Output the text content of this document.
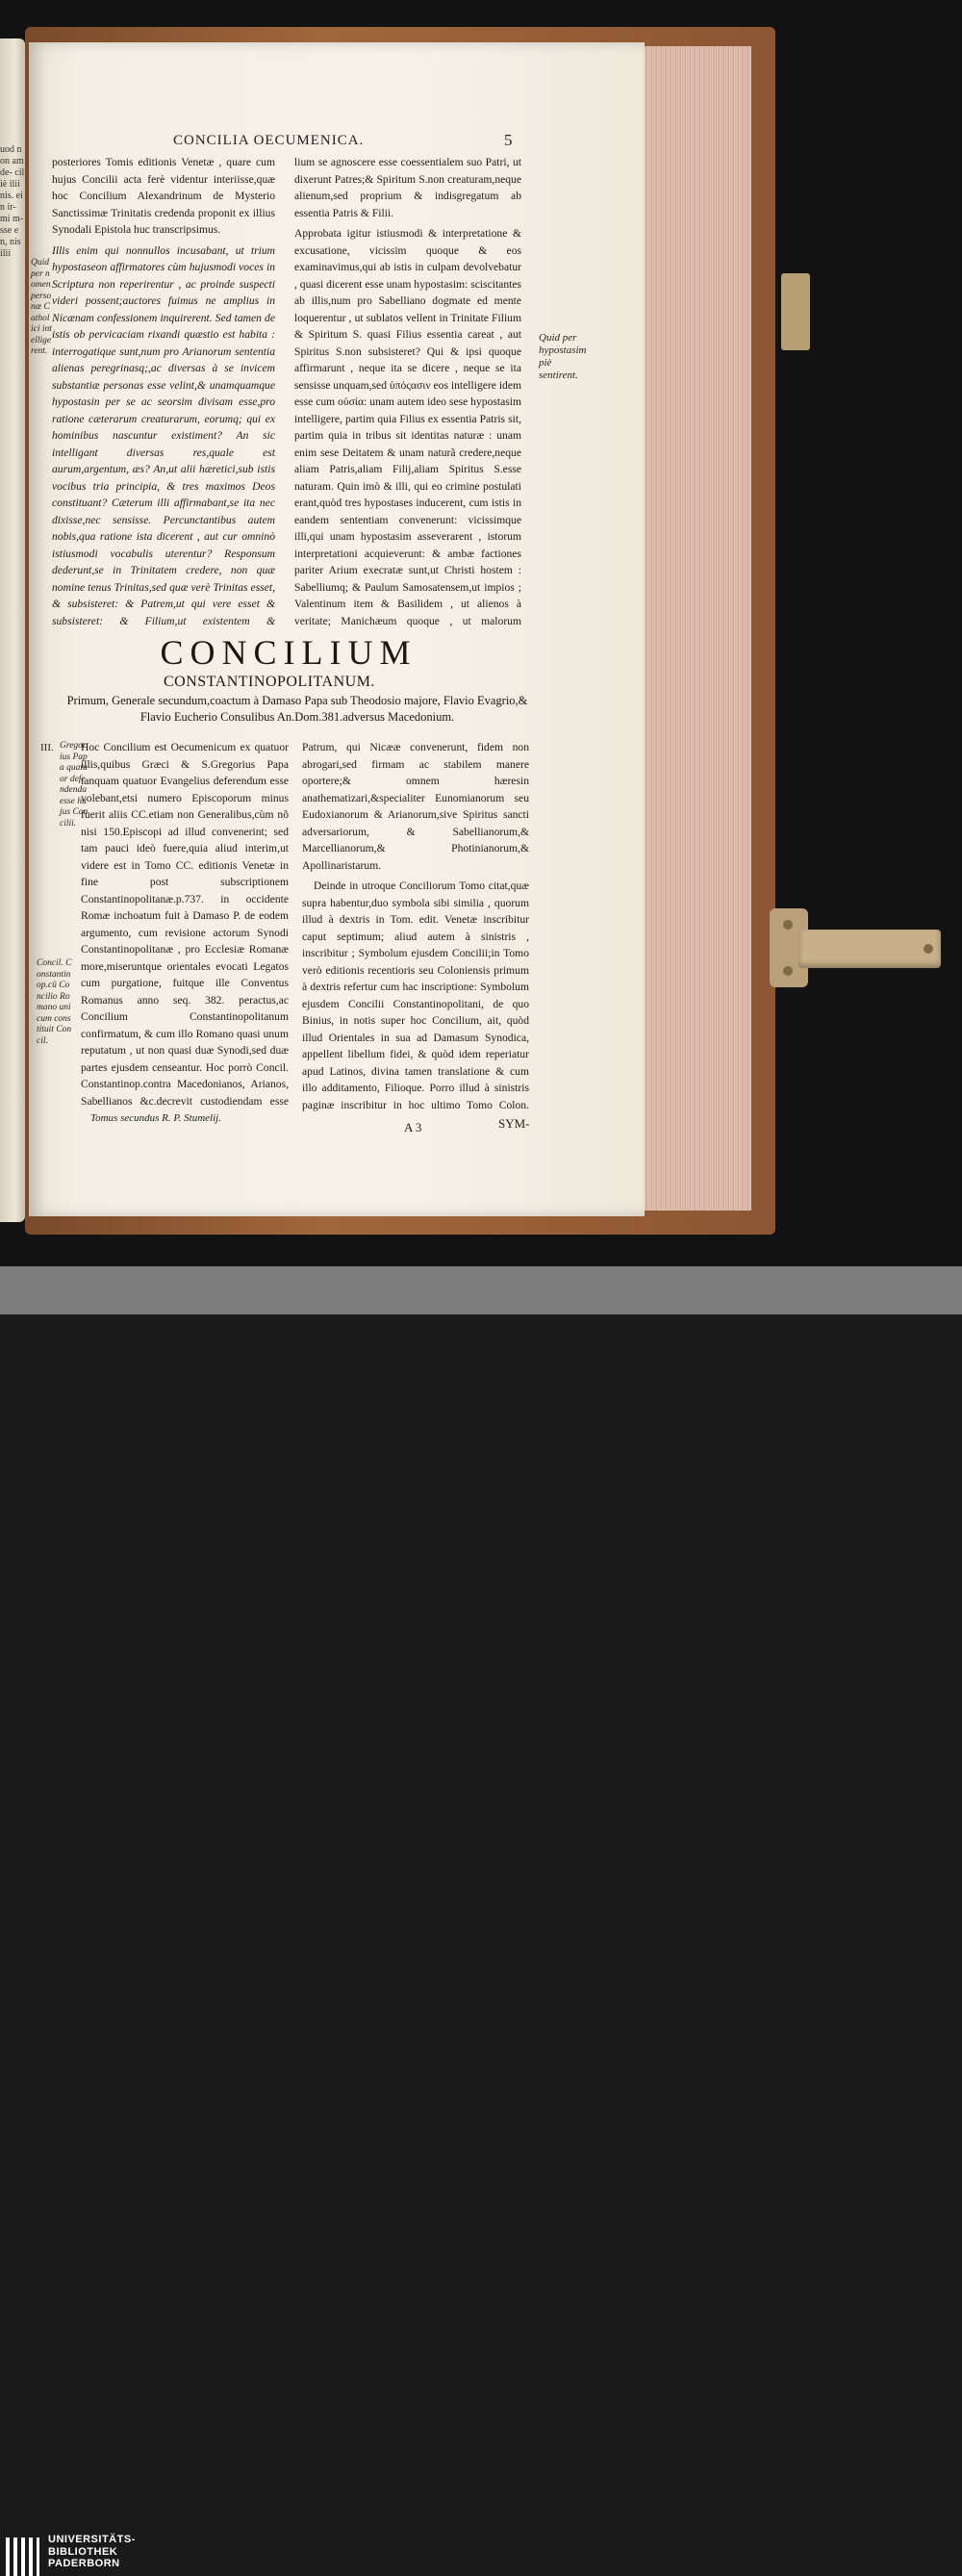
uod non am de- ciliè ilii nis. ein ir- mi m- sse en, nis ilii
CONCILIA OECUMENICA.	5

posteriores Tomis editionis Venetæ , quare cum hujus Concilii acta ferè videntur interiisse,quæ hoc Concilium Alexandrinum de Mysterio Sanctissimæ Trinitatis credenda proponit ex illius Synodali Epistola huc transcripsimus.

Illis enim qui nonnullos incusabant, ut trium hypostaseon affirmatores cùm hujusmodi voces in Scriptura non reperirentur , ac proinde suspecti videri possent;auctores fuimus ne amplius in Nicænam confessionem inquirerent. Sed tamen de istis ob pervicaciam rixandi quæstio est habita : interrogatique sunt,num pro Arianorum sententia alienas peregrinasq;,ac diversas à se invicem substantiæ personas esse velint,& unamquamque hypostasin per se ac seorsim divisam esse,pro ratione cæterarum creaturarum, eorumq; qui ex hominibus nascuntur existiment? An sic intelligant diversas res,quale est aurum,argentum, æs? An,ut alii hæretici,sub istis vocibus tria principia, & tres maximos Deos constituant? Cæterum illi affirmabant,se ita nec dixisse,nec sensisse. Percunctantibus autem nobis,qua ratione ista dicerent , aut cur omninò istiusmodi vocabulis uterentur? Responsum dederunt,se in Trinitatem credere, non quæ nomine tenus Trinitas,sed quæ verè Trinitas esset, & subsisteret: & Patrem,ut qui vere esset & subsisteret: & Filium,ut existentem &

Quid per nomen personæ Catholici intelligerent.

lium se agnoscere esse coessentialem suo Patri, ut dixerunt Patres;& Spiritum S.non creaturam,neque alienum,sed proprium & indisgregatum ab essentia Patris & Filii.

Approbata igitur istiusmodi & interpretatione & excusatione, vicissim quoque & eos examinavimus,qui ab istis in culpam devolvebatur , quasi dicerent esse unam hypostasim: sciscitantes ab illis,num pro Sabelliano dogmate ed mente loquerentur , ut sublatos vellent in Trinitate Filium & Spiritum S. quasi Filius essentia careat , aut Spiritus S.non subsisteret? Qui & ipsi quoque affirmarunt , neque ita se dicere , neque se ita sensisse unquam,sed ὑπόςασιν eos intelligere idem esse cum οὐσία: unam autem ideo sese hypostasim intelligere, partim quia Filius ex essentia Patris sit, partim quia in tribus sit identitas naturæ : unam enim sese Deitatem & unam naturã credere,neque aliam Patris,aliam Filij,aliam Spiritus S.esse naturam. Quin imò & illi, qui eo crimine postulati erant,quòd tres hypostases inducerent, cum istis in eandem sententiam convenerunt: vicissimque illi,qui unam hypostasim asseverarent , istorum interpretationi acquieverunt: & ambæ factiones pariter Arium execratæ sunt,ut Christi hostem : Sabelliumq; & Paulum Samosatensem,ut impios ; Valentinum item & Basilidem , ut alienos à veritate; Manichæum quoque , ut malorum

Quid per hypostasim piè sentirent.
CONCILIUM
CONSTANTINOPOLITANUM.
Primum, Generale secundum,coactum à Damaso Papa sub Theodosio majore, Flavio Evagrio,& Flavio Eucherio Consulibus An.Dom.381.adversus Macedonium.
III. Gregorius Papa quatuor defendenda esse hujus Concilii.
Concil. Constantinop.cũ Concilio Romano unicum constituit Concil.

Hoc Concilium est Oecumenicum ex quatuor illis,quibus Græci & S.Gregorius Papa tanquam quatuor Evangelius deferendum esse volebant,etsi numero Episcoporum minus fuerit aliis CC.etiam non Generalibus,cùm nõ nisi 150.Episcopi ad illud convenerint; sed tam pauci ideò fuere,quia aliud interim,ut videre est in Tomo CC. editionis Venetæ in fine post subscriptionem Constantinopolitanæ.p.737. in occidente Romæ inchoatum fuit à Damaso P. de eodem argumento, cum revisione actorum Synodi Constantinopolitanæ , pro Ecclesiæ Romanæ more,miseruntque orientales evocati Legatos cum purgatione, fuitque ille Conventus Romanus anno seq. 382. peractus,ac Concilium Constantinopolitanum confirmatum, & cum illo Romano quasi unum reputatum , ut non quasi duæ Synodi,sed duæ partes ejusdem censeantur. Hoc porrò Concil. Constantinop.contra Macedonianos, Arianos, Sabellianos &c.decrevit custodiendam esse

Patrum, qui Nicææ convenerunt, fidem non abrogari,sed firmam ac stabilem manere oportere;& omnem hæresin anathematizari,&specialiter Eunomianorum seu Eudoxianorum & Arianorum,sive Spiritus sancti adversariorum, & Sabellianorum,& Marcellianorum,& Photinianorum,& Apollinaristarum.

Deinde in utroque Conciliorum Tomo citat,quæ supra habentur,duo symbola sibi similia , quorum illud à dextris in Tom. edit. Venetæ inscribitur caput septimum; aliud autem à sinistris , inscribitur ; Symbolum ejusdem Concilii;in Tomo verò editionis recentioris seu Coloniensis primum à dextris refertur cum hac inscriptione: Symbolum ejusdem Concilii Constantinopolitani, de quo Binius, in notis super hoc Concilium, ait, quòd illud Orientales in sua ad Damasum Synodica, appellent libellum fidei, & quòd idem reperiatur apud Latinos, divina tamen translatione & cum illo additamento, Filioque. Porro illud à sinistris paginæ inscribitur in hoc ultimo Tomo Colon.

Tomus secundus R. P. Stumelij.
A 3	SYM-
UNIVERSITÄTS-
BIBLIOTHEK
PADERBORN
